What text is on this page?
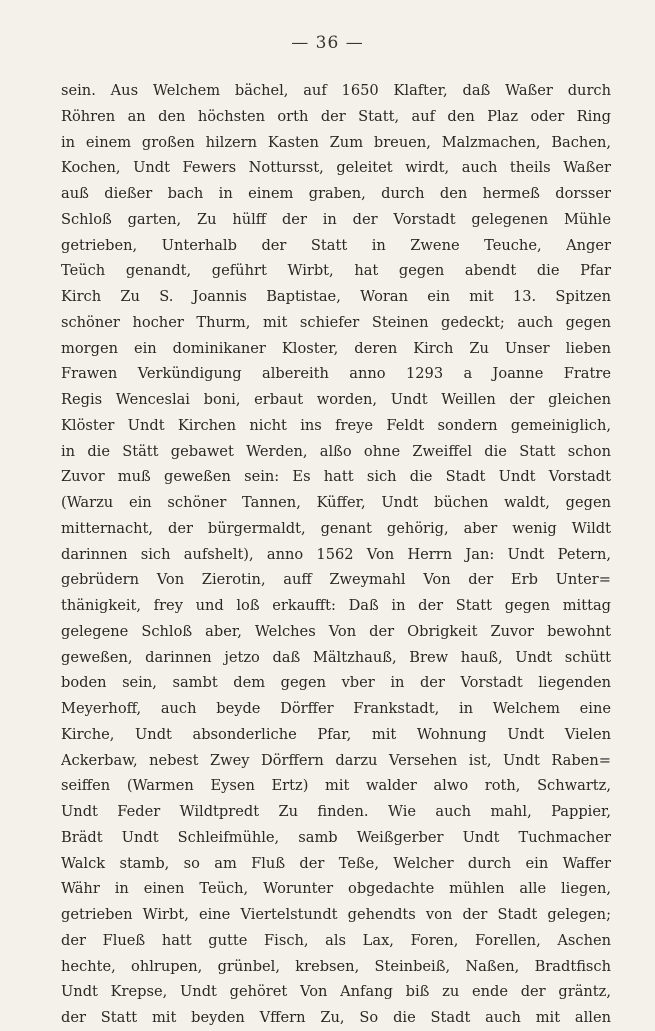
— 36 —
sein. Aus Welchem bächel, auf 1650 Klafter, daß Waßer durch
Röhren an den höchsten orth der Statt, auf den Plaz oder Ring
in einem großen hilzern Kasten Zum breuen, Malzmachen, Bachen,
Kochen, Undt Fewers Nottursst, geleitet wirdt, auch theils Waßer
auß dießer bach in einem graben, durch den hermeß dorsser
Schloß garten, Zu hülff der in der Vorstadt gelegenen Mühle
getrieben, Unterhalb der Statt in Zwene Teuche, Anger
Teüch genandt, geführt Wirbt, hat gegen abendt die Pfar
Kirch Zu S. Joannis Baptistae, Woran ein mit 13. Spitzen
schöner hocher Thurm, mit schiefer Steinen gedeckt; auch gegen
morgen ein dominikaner Kloster, deren Kirch Zu Unser lieben
Frawen Verkündigung albereith anno 1293 a Joanne Fratre
Regis Wenceslai boni, erbaut worden, Undt Weillen der gleichen
Klöster Undt Kirchen nicht ins freye Feldt sondern gemeiniglich,
in die Stätt gebawet Werden, alßo ohne Zweiffel die Statt schon
Zuvor muß geweßen sein: Es hatt sich die Stadt Undt Vorstadt
(Warzu ein schöner Tannen, Küffer, Undt büchen waldt, gegen
mitternacht, der bürgermaldt, genant gehörig, aber wenig Wildt
darinnen sich aufshelt), anno 1562 Von Herrn Jan: Undt Petern,
gebrüdern Von Zierotin, auff Zweymahl Von der Erb Unter=
thänigkeit, frey und loß erkaufft: Daß in der Statt gegen mittag
gelegene Schloß aber, Welches Von der Obrigkeit Zuvor bewohnt
geweßen, darinnen jetzo daß Mältzhauß, Brew hauß, Undt schütt
boden sein, sambt dem gegen vber in der Vorstadt liegenden
Meyerhoff, auch beyde Dörffer Frankstadt, in Welchem eine
Kirche, Undt absonderliche Pfar, mit Wohnung Undt Vielen
Ackerbaw, nebest Zwey Dörffern darzu Versehen ist, Undt Raben=
seiffen (Warmen Eysen Ertz) mit walder alwo roth, Schwartz,
Undt Feder Wildtpredt Zu finden. Wie auch mahl, Pappier,
Brädt Undt Schleifmühle, samb Weißgerber Undt Tuchmacher
Walck stamb, so am Fluß der Teße, Welcher durch ein Waffer
Währ in einen Teüch, Worunter obgedachte mühlen alle liegen,
getrieben Wirbt, eine Viertelstundt gehendts von der Stadt gelegen;
der Flueß hatt gutte Fisch, als Lax, Foren, Forellen, Aschen
hechte, ohlrupen, grünbel, krebsen, Steinbeiß, Naßen, Bradtfisch
Undt Krepse, Undt gehöret Von Anfang biß zu ende der gräntz,
der Statt mit beyden Vffern Zu, So die Stadt auch mit allen
